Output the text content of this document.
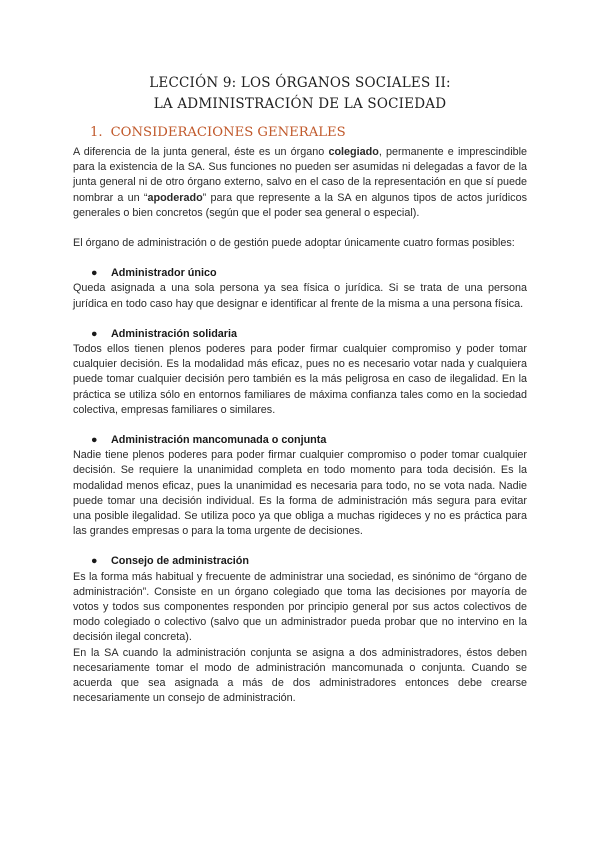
LECCIÓN 9: LOS ÓRGANOS SOCIALES II:
LA ADMINISTRACIÓN DE LA SOCIEDAD
1. CONSIDERACIONES GENERALES

A diferencia de la junta general, éste es un órgano colegiado, permanente e imprescindible para la existencia de la SA. Sus funciones no pueden ser asumidas ni delegadas a favor de la junta general ni de otro órgano externo, salvo en el caso de la representación en que sí puede nombrar a un “apoderado” para que represente a la SA en algunos tipos de actos jurídicos generales o bien concretos (según que el poder sea general o especial).

El órgano de administración o de gestión puede adoptar únicamente cuatro formas posibles:

● Administrador único

Queda asignada a una sola persona ya sea física o jurídica. Si se trata de una persona jurídica en todo caso hay que designar e identificar al frente de la misma a una persona física.

● Administración solidaria

Todos ellos tienen plenos poderes para poder firmar cualquier compromiso y poder tomar cualquier decisión. Es la modalidad más eficaz, pues no es necesario votar nada y cualquiera puede tomar cualquier decisión pero también es la más peligrosa en caso de ilegalidad. En la práctica se utiliza sólo en entornos familiares de máxima confianza tales como en la sociedad colectiva, empresas familiares o similares.

● Administración mancomunada o conjunta

Nadie tiene plenos poderes para poder firmar cualquier compromiso o poder tomar cualquier decisión. Se requiere la unanimidad completa en todo momento para toda decisión. Es la modalidad menos eficaz, pues la unanimidad es necesaria para todo, no se vota nada. Nadie puede tomar una decisión individual. Es la forma de administración más segura para evitar una posible ilegalidad. Se utiliza poco ya que obliga a muchas rigideces y no es práctica para las grandes empresas o para la toma urgente de decisiones.

● Consejo de administración

Es la forma más habitual y frecuente de administrar una sociedad, es sinónimo de “órgano de administración”. Consiste en un órgano colegiado que toma las decisiones por mayoría de votos y todos sus componentes responden por principio general por sus actos colectivos de modo colegiado o colectivo (salvo que un administrador pueda probar que no intervino en la decisión ilegal concreta).

En la SA cuando la administración conjunta se asigna a dos administradores, éstos deben necesariamente tomar el modo de administración mancomunada o conjunta. Cuando se acuerda que sea asignada a más de dos administradores entonces debe crearse necesariamente un consejo de administración.
